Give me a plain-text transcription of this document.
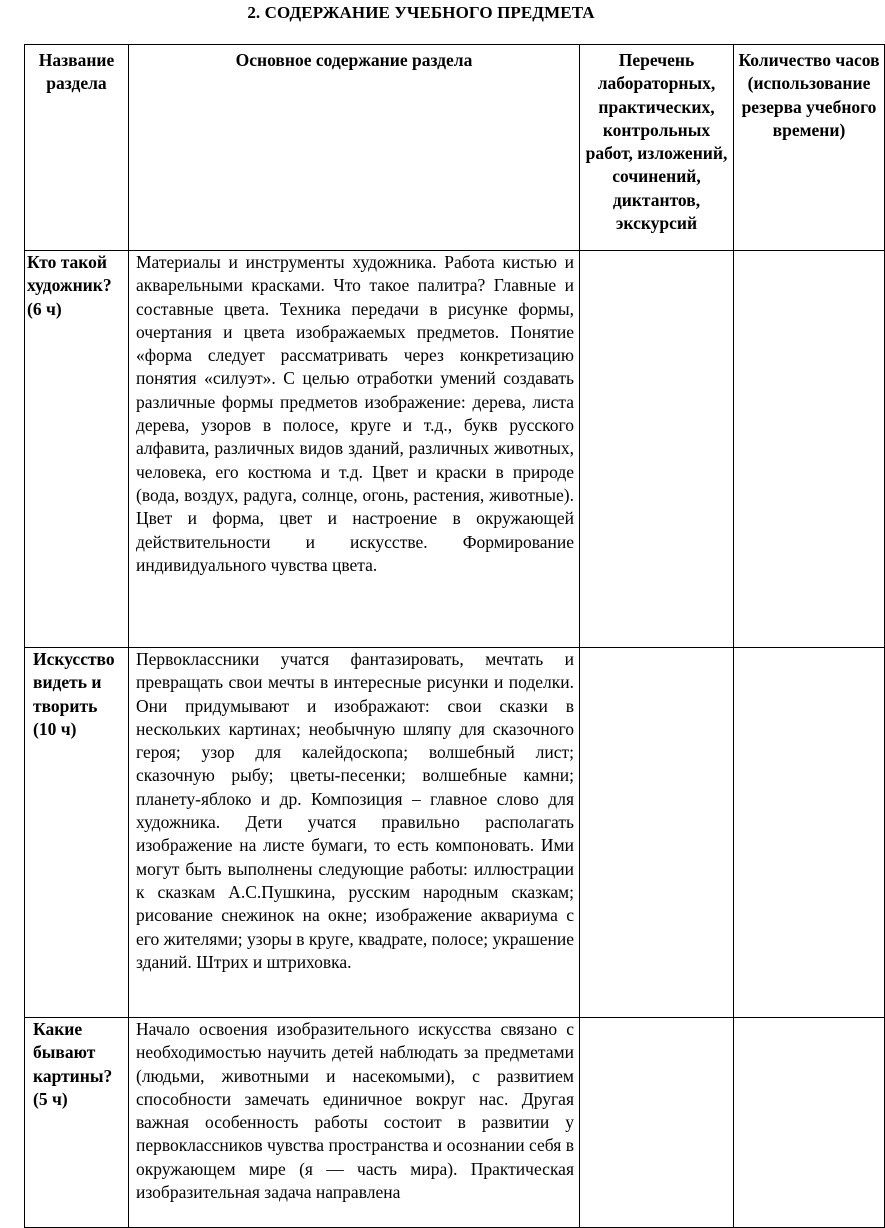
2. СОДЕРЖАНИЕ УЧЕБНОГО ПРЕДМЕТА
Название раздела	Основное содержание раздела	Перечень лабораторных, практических, контрольных работ, изложений, сочинений, диктантов, экскурсий	Количество часов (использование резерва учебного времени)

Кто такой художник?
(6 ч)	Материалы и инструменты художника. Работа кистью и акварельными красками. Что такое палитра? Главные и составные цвета. Техника передачи в рисунке формы, очертания и цвета изображаемых предметов. Понятие «форма следует рассматривать через конкретизацию понятия «силуэт». С целью отработки умений создавать различные формы предметов изображение: дерева, листа дерева, узоров в полосе, круге и т.д., букв русского алфавита, различных видов зданий, различных животных, человека, его костюма и т.д. Цвет и краски в природе (вода, воздух, радуга, солнце, огонь, растения, животные). Цвет и форма, цвет и настроение в окружающей действительности и искусстве. Формирование индивидуального чувства цвета.		

Искусство видеть и творить
(10 ч)	Первоклассники учатся фантазировать, мечтать и превращать свои мечты в интересные рисунки и поделки. Они придумывают и изображают: свои сказки в нескольких картинах; необычную шляпу для сказочного героя; узор для калейдоскопа; волшебный лист; сказочную рыбу; цветы-песенки; волшебные камни; планету-яблоко и др. Композиция – главное слово для художника. Дети учатся правильно располагать изображение на листе бумаги, то есть компоновать. Ими могут быть выполнены следующие работы: иллюстрации к сказкам А.С.Пушкина, русским народным сказкам; рисование снежинок на окне; изображение аквариума с его жителями; узоры в круге, квадрате, полосе; украшение зданий. Штрих и штриховка.		

Какие бывают картины?
(5 ч)	Начало освоения изобразительного искусства связано с необходимостью научить детей наблюдать за предметами (людьми, животными и насекомыми), с развитием способности замечать единичное вокруг нас. Другая важная особенность работы состоит в развитии у первоклассников чувства пространства и осознании себя в окружающем мире (я — часть мира). Практическая изобразительная задача направлена		
